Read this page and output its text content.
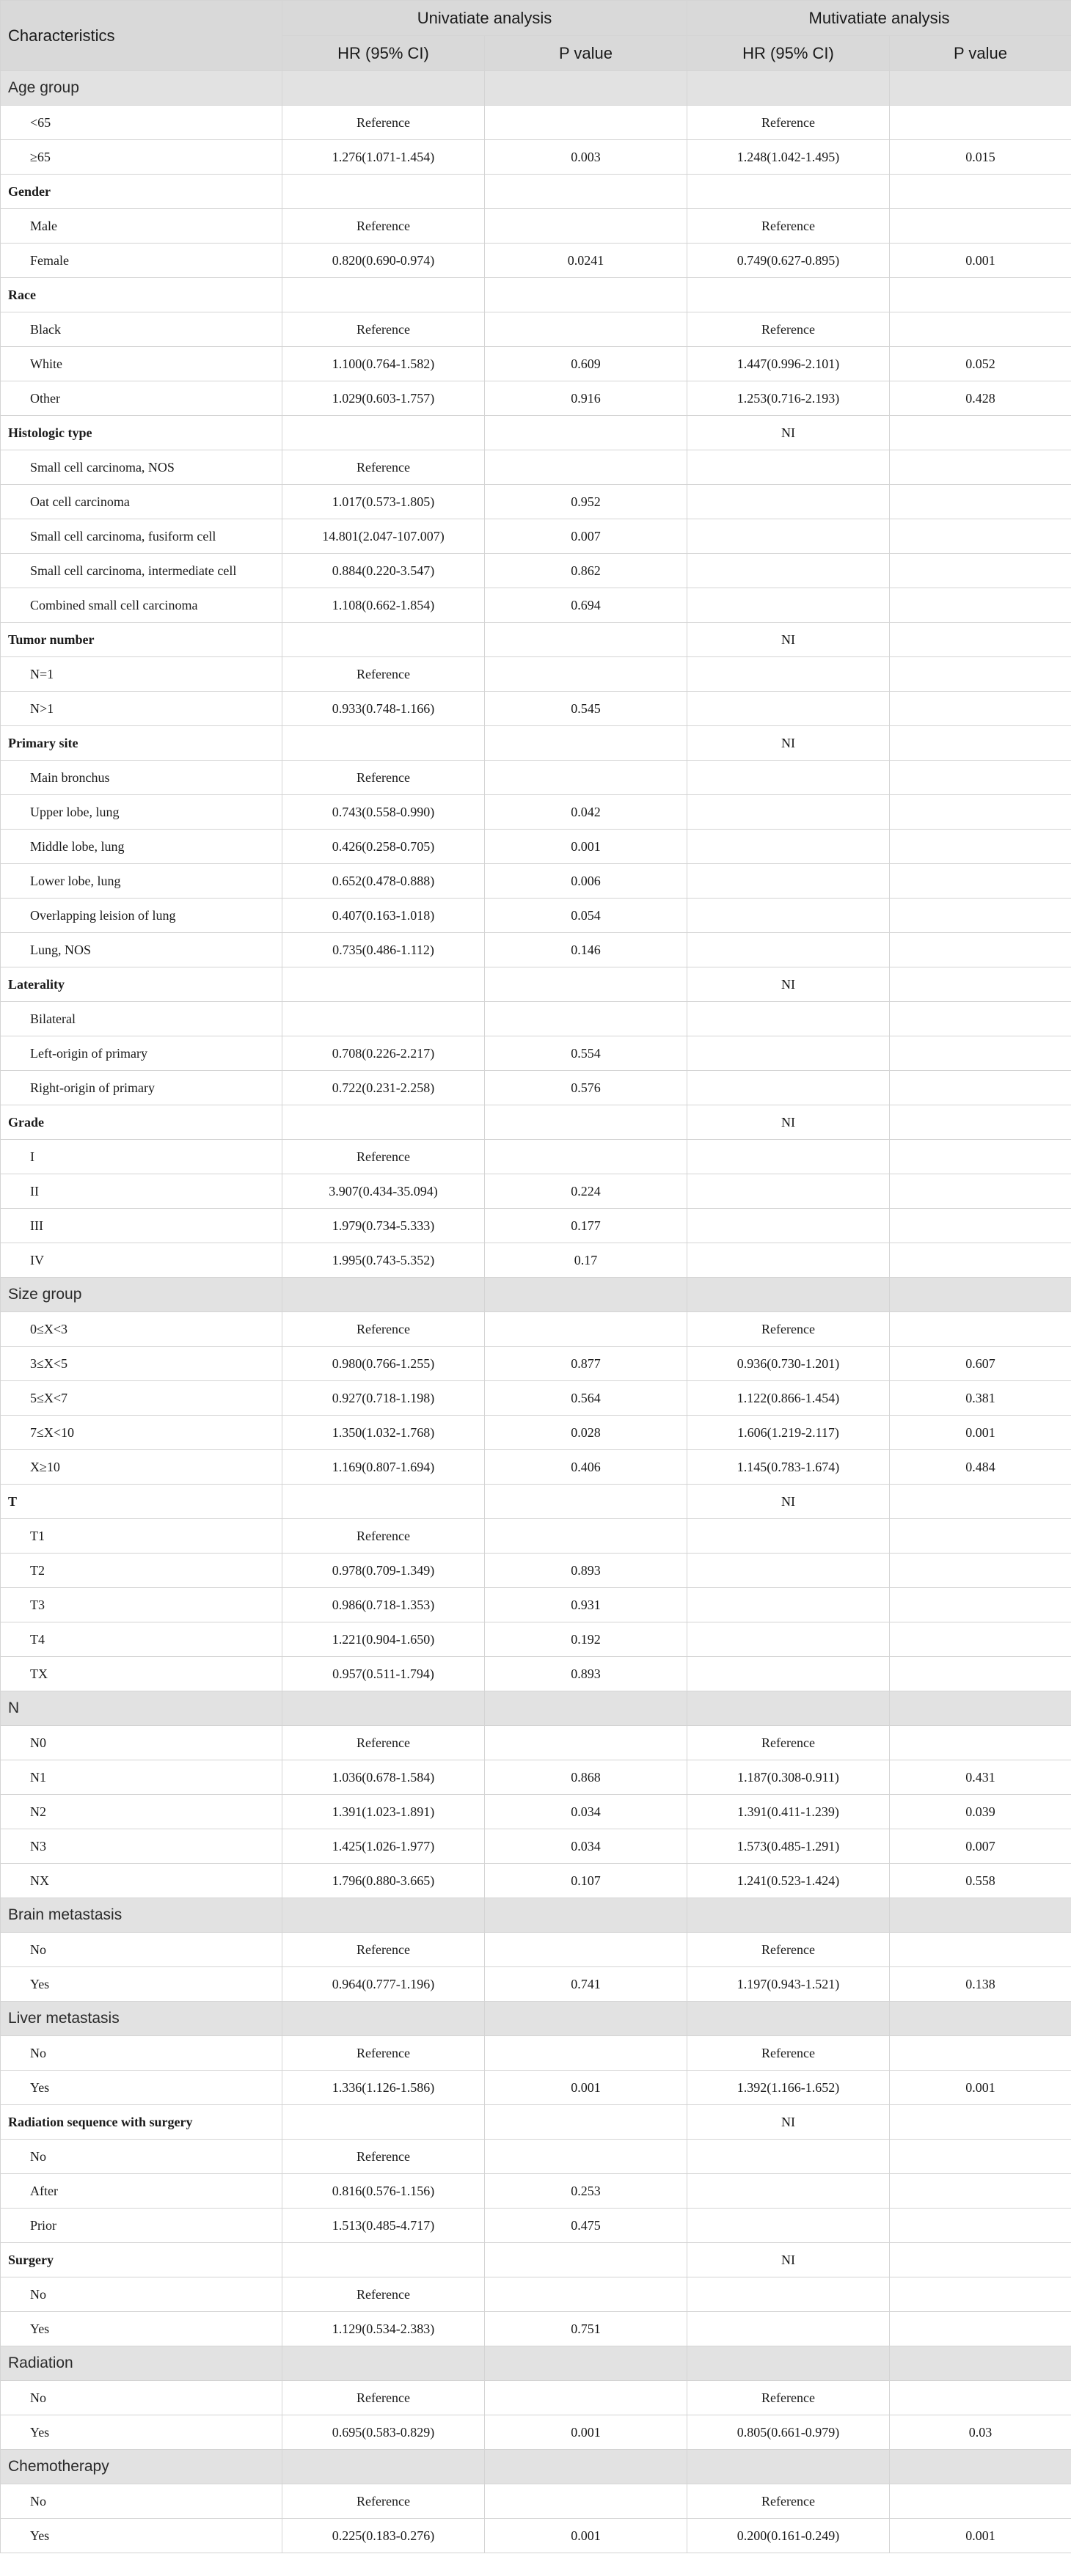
Characteristics	Univatiate analysis		Mutivatiate analysis	
	HR (95% CI)	P value	HR (95% CI)	P value
Age group				
<65	Reference		Reference	
≥65	1.276(1.071-1.454)	0.003	1.248(1.042-1.495)	0.015
Gender				
Male	Reference		Reference	
Female	0.820(0.690-0.974)	0.0241	0.749(0.627-0.895)	0.001
Race				
Black	Reference		Reference	
White	1.100(0.764-1.582)	0.609	1.447(0.996-2.101)	0.052
Other	1.029(0.603-1.757)	0.916	1.253(0.716-2.193)	0.428
Histologic type			NI	
Small cell carcinoma, NOS	Reference			
Oat cell carcinoma	1.017(0.573-1.805)	0.952		
Small cell carcinoma, fusiform cell	14.801(2.047-107.007)	0.007		
Small cell carcinoma, intermediate cell	0.884(0.220-3.547)	0.862		
Combined small cell carcinoma	1.108(0.662-1.854)	0.694		
Tumor number			NI	
N=1	Reference			
N>1	0.933(0.748-1.166)	0.545		
Primary site			NI	
Main bronchus	Reference			
Upper lobe, lung	0.743(0.558-0.990)	0.042		
Middle lobe, lung	0.426(0.258-0.705)	0.001		
Lower lobe, lung	0.652(0.478-0.888)	0.006		
Overlapping leision of lung	0.407(0.163-1.018)	0.054		
Lung, NOS	0.735(0.486-1.112)	0.146		
Laterality			NI	
Bilateral				
Left-origin of primary	0.708(0.226-2.217)	0.554		
Right-origin of primary	0.722(0.231-2.258)	0.576		
Grade			NI	
I	Reference			
II	3.907(0.434-35.094)	0.224		
III	1.979(0.734-5.333)	0.177		
IV	1.995(0.743-5.352)	0.17		
Size group				
0≤X<3	Reference		Reference	
3≤X<5	0.980(0.766-1.255)	0.877	0.936(0.730-1.201)	0.607
5≤X<7	0.927(0.718-1.198)	0.564	1.122(0.866-1.454)	0.381
7≤X<10	1.350(1.032-1.768)	0.028	1.606(1.219-2.117)	0.001
X≥10	1.169(0.807-1.694)	0.406	1.145(0.783-1.674)	0.484
T			NI	
T1	Reference			
T2	0.978(0.709-1.349)	0.893		
T3	0.986(0.718-1.353)	0.931		
T4	1.221(0.904-1.650)	0.192		
TX	0.957(0.511-1.794)	0.893		
N				
N0	Reference		Reference	
N1	1.036(0.678-1.584)	0.868	1.187(0.308-0.911)	0.431
N2	1.391(1.023-1.891)	0.034	1.391(0.411-1.239)	0.039
N3	1.425(1.026-1.977)	0.034	1.573(0.485-1.291)	0.007
NX	1.796(0.880-3.665)	0.107	1.241(0.523-1.424)	0.558
Brain metastasis				
No	Reference		Reference	
Yes	0.964(0.777-1.196)	0.741	1.197(0.943-1.521)	0.138
Liver metastasis				
No	Reference		Reference	
Yes	1.336(1.126-1.586)	0.001	1.392(1.166-1.652)	0.001
Radiation sequence with surgery			NI	
No	Reference			
After	0.816(0.576-1.156)	0.253		
Prior	1.513(0.485-4.717)	0.475		
Surgery			NI	
No	Reference			
Yes	1.129(0.534-2.383)	0.751		
Radiation				
No	Reference		Reference	
Yes	0.695(0.583-0.829)	0.001	0.805(0.661-0.979)	0.03
Chemotherapy				
No	Reference		Reference	
Yes	0.225(0.183-0.276)	0.001	0.200(0.161-0.249)	0.001
